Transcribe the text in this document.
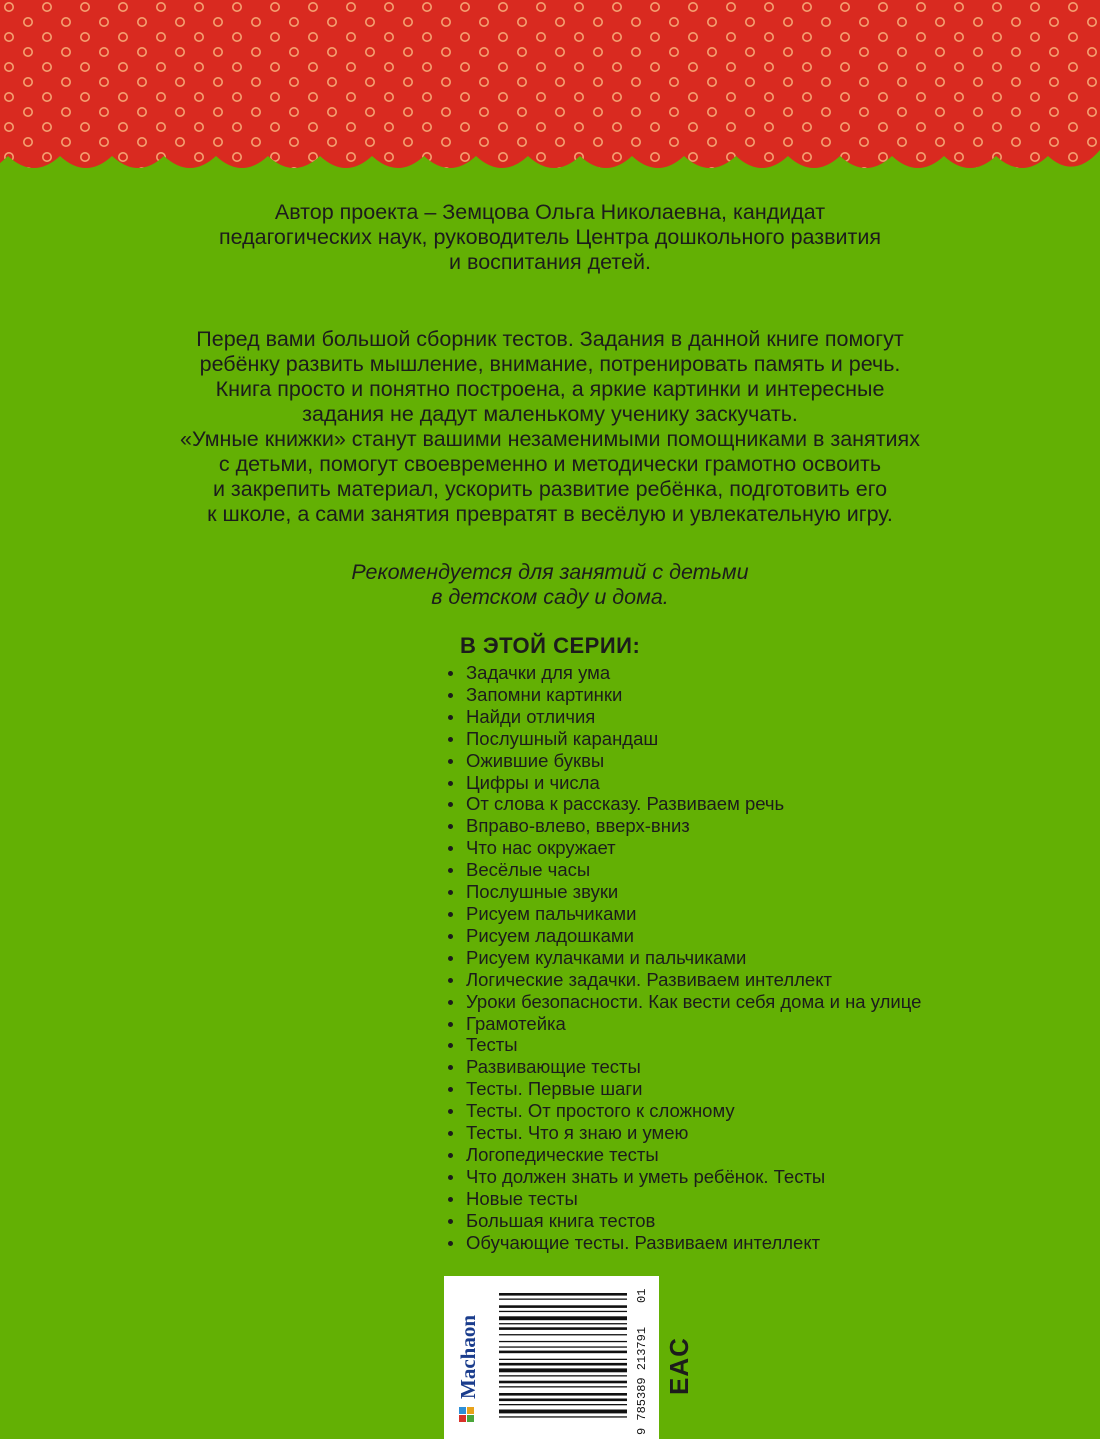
Автор проекта – Земцова Ольга Николаевна, кандидат
педагогических наук, руководитель Центра дошкольного развития
и воспитания детей.
Перед вами большой сборник тестов. Задания в данной книге помогут
ребёнку развить мышление, внимание, потренировать память и речь.
Книга просто и понятно построена, а яркие картинки и интересные
задания не дадут маленькому ученику заскучать.
«Умные книжки» станут вашими незаменимыми помощниками в занятиях
с детьми, помогут своевременно и методически грамотно освоить
и закрепить материал, ускорить развитие ребёнка, подготовить его
к школе, а сами занятия превратят в весёлую и увлекательную игру.
Рекомендуется для занятий с детьми
в детском саду и дома.
В ЭТОЙ СЕРИИ:
Задачки для ума
Запомни картинки
Найди отличия
Послушный карандаш
Ожившие буквы
Цифры и числа
От слова к рассказу. Развиваем речь
Вправо-влево, вверх-вниз
Что нас окружает
Весёлые часы
Послушные звуки
Рисуем пальчиками
Рисуем ладошками
Рисуем кулачками и пальчиками
Логические задачки. Развиваем интеллект
Уроки безопасности. Как вести себя дома и на улице
Грамотейка
Тесты
Развивающие тесты
Тесты. Первые шаги
Тесты. От простого к сложному
Тесты. Что я знаю и умею
Логопедические тесты
Что должен знать и уметь ребёнок. Тесты
Новые тесты
Большая книга тестов
Обучающие тесты. Развиваем интеллект
Machaon	9 785389 213791
01
EAC
